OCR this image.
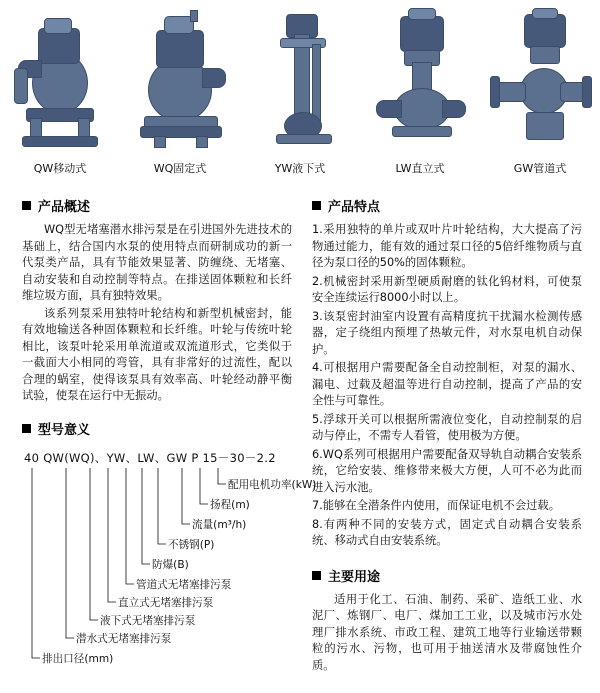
QW移动式	WQ固定式	YW液下式	LW直立式	GW管道式
产品概述

WQ型无堵塞潜水排污泵是在引进国外先进技术的基础上，结合国内水泵的使用特点而研制成功的新一代泵类产品，具有节能效果显著、防缠绕、无堵塞、自动安装和自动控制等特点。在排送固体颗粒和长纤维垃圾方面，具有独特效果。

该系列泵采用独特叶轮结构和新型机械密封，能有效地输送各种固体颗粒和长纤维。叶轮与传统叶轮相比，该泵叶轮采用单流道或双流道形式，它类似于一截面大小相同的弯管，具有非常好的过流性，配以合理的蜗室，使得该泵具有效率高、叶轮经动静平衡试验，使泵在运行中无振动。

型号意义
40 QW(WQ)、YW、LW、GW P 15－30－2.2
配用电机功率(kW)
扬程(m)
流量(m³/h)
不锈钢(P)
防爆(B)
管道式无堵塞排污泵
直立式无堵塞排污泵
液下式无堵塞排污泵
潜水式无堵塞排污泵
排出口径(mm)
产品特点

1.采用独特的单片或双叶片叶轮结构，大大提高了污物通过能力，能有效的通过泵口径的5倍纤维物质与直径为泵口径的50%的固体颗粒。

2.机械密封采用新型硬质耐磨的钛化钨材料，可使泵安全连续运行8000小时以上。

3.该泵密封油室内设置有高精度抗干扰漏水检测传感器，定子绕组内预埋了热敏元件，对水泵电机自动保护。

4.可根据用户需要配备全自动控制柜，对泵的漏水、漏电、过载及超温等进行自动控制，提高了产品的安全性与可靠性。

5.浮球开关可以根据所需液位变化，自动控制泵的启动与停止，不需专人看管，使用极为方便。

6.WQ系列可根据用户需要配备双导轨自动耦合安装系统，它给安装、维修带来极大方便，人可不必为此而进入污水池。

7.能够在全潜条件内使用，而保证电机不会过载。

8.有两种不同的安装方式，固定式自动耦合安装系统、移动式自由安装系统。

主要用途

适用于化工、石油、制药、采矿、造纸工业、水泥厂、炼钢厂、电厂、煤加工工业，以及城市污水处理厂排水系统、市政工程、建筑工地等行业输送带颗粒的污水、污物，也可用于抽送清水及带腐蚀性介质。
